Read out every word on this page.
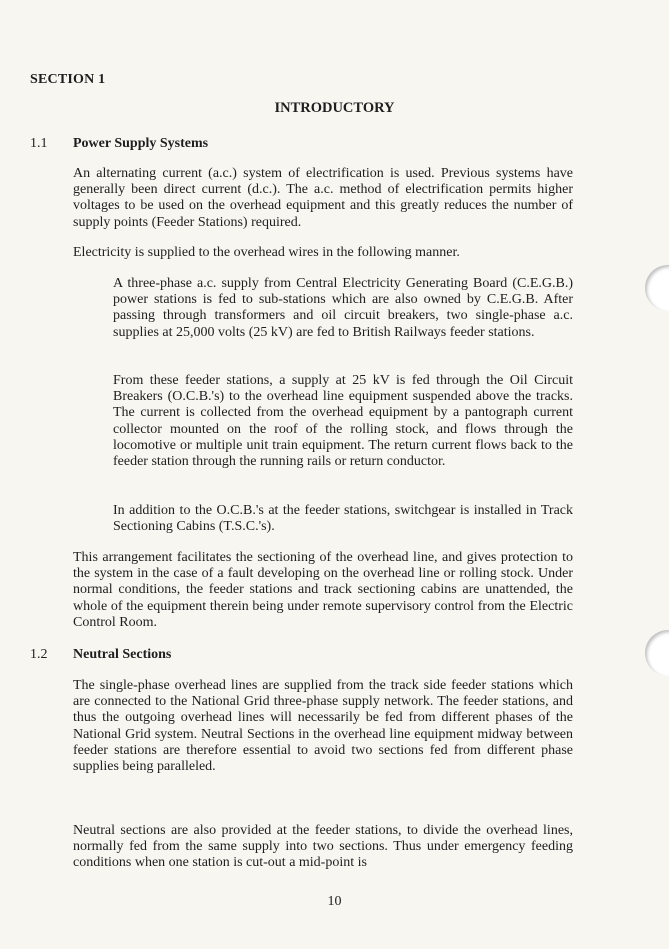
SECTION 1
INTRODUCTORY
1.1 Power Supply Systems

An alternating current (a.c.) system of electrification is used. Previous systems have generally been direct current (d.c.). The a.c. method of electrification permits higher voltages to be used on the overhead equipment and this greatly reduces the number of supply points (Feeder Stations) required.

Electricity is supplied to the overhead wires in the following manner.

A three-phase a.c. supply from Central Electricity Generating Board (C.E.G.B.) power stations is fed to sub-stations which are also owned by C.E.G.B. After passing through transformers and oil circuit breakers, two single-phase a.c. supplies at 25,000 volts (25 kV) are fed to British Railways feeder stations.

From these feeder stations, a supply at 25 kV is fed through the Oil Circuit Breakers (O.C.B.'s) to the overhead line equipment suspended above the tracks. The current is collected from the overhead equipment by a pantograph current collector mounted on the roof of the rolling stock, and flows through the locomotive or multiple unit train equipment. The return current flows back to the feeder station through the running rails or return conductor.

In addition to the O.C.B.'s at the feeder stations, switchgear is installed in Track Sectioning Cabins (T.S.C.'s).

This arrangement facilitates the sectioning of the overhead line, and gives protection to the system in the case of a fault developing on the overhead line or rolling stock. Under normal conditions, the feeder stations and track sectioning cabins are unattended, the whole of the equipment therein being under remote supervisory control from the Electric Control Room.

1.2 Neutral Sections

The single-phase overhead lines are supplied from the track side feeder stations which are connected to the National Grid three-phase supply network. The feeder stations, and thus the outgoing overhead lines will necessarily be fed from different phases of the National Grid system. Neutral Sections in the overhead line equipment midway between feeder stations are therefore essential to avoid two sections fed from different phase supplies being paralleled.

Neutral sections are also provided at the feeder stations, to divide the overhead lines, normally fed from the same supply into two sections. Thus under emergency feeding conditions when one station is cut-out a mid-point is

10
